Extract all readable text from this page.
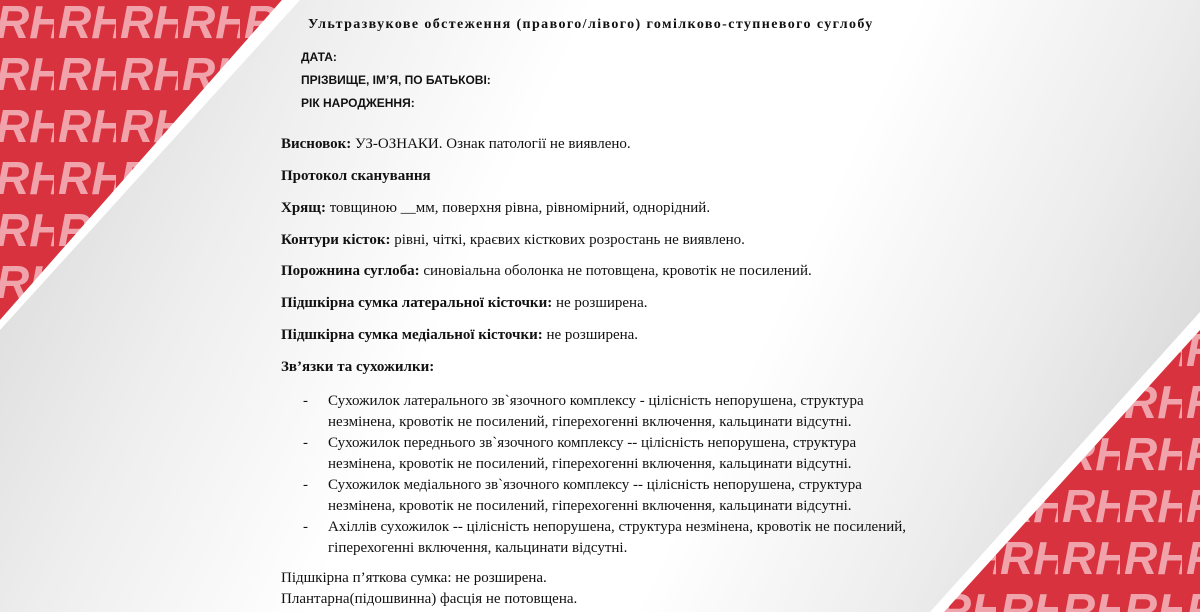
Ультразвукове обстеження (правого/лівого) гомілково-ступневого суглобу
ДАТА:
ПРІЗВИЩЕ, ІМ’Я, ПО БАТЬКОВІ:
РІК НАРОДЖЕННЯ:
Висновок: УЗ-ОЗНАКИ. Ознак патології не виявлено.
Протокол сканування
Хрящ: товщиною __мм, поверхня рівна, рівномірний, однорідний.
Контури кісток: рівні, чіткі, краєвих кісткових розростань не виявлено.
Порожнина суглоба: синовіальна оболонка не потовщена, кровотік не посилений.
Підшкірна сумка латеральної кісточки: не розширена.
Підшкірна сумка медіальної кісточки: не розширена.
Зв’язки та сухожилки:
- Сухожилок латерального зв`язочного комплексу - цілісність непорушена, структура незмінена, кровотік не посилений, гіперехогенні включення, кальцинати відсутні.
- Сухожилок переднього зв`язочного комплексу -- цілісність непорушена, структура незмінена, кровотік не посилений, гіперехогенні включення, кальцинати відсутні.
- Сухожилок медіального зв`язочного комплексу -- цілісність непорушена, структура незмінена, кровотік не посилений, гіперехогенні включення, кальцинати відсутні.
- Ахіллів сухожилок -- цілісність непорушена, структура незмінена, кровотік не посилений, гіперехогенні включення, кальцинати відсутні.
Підшкірна п’яткова сумка: не розширена.
Плантарна(підошвинна) фасція не потовщена.
